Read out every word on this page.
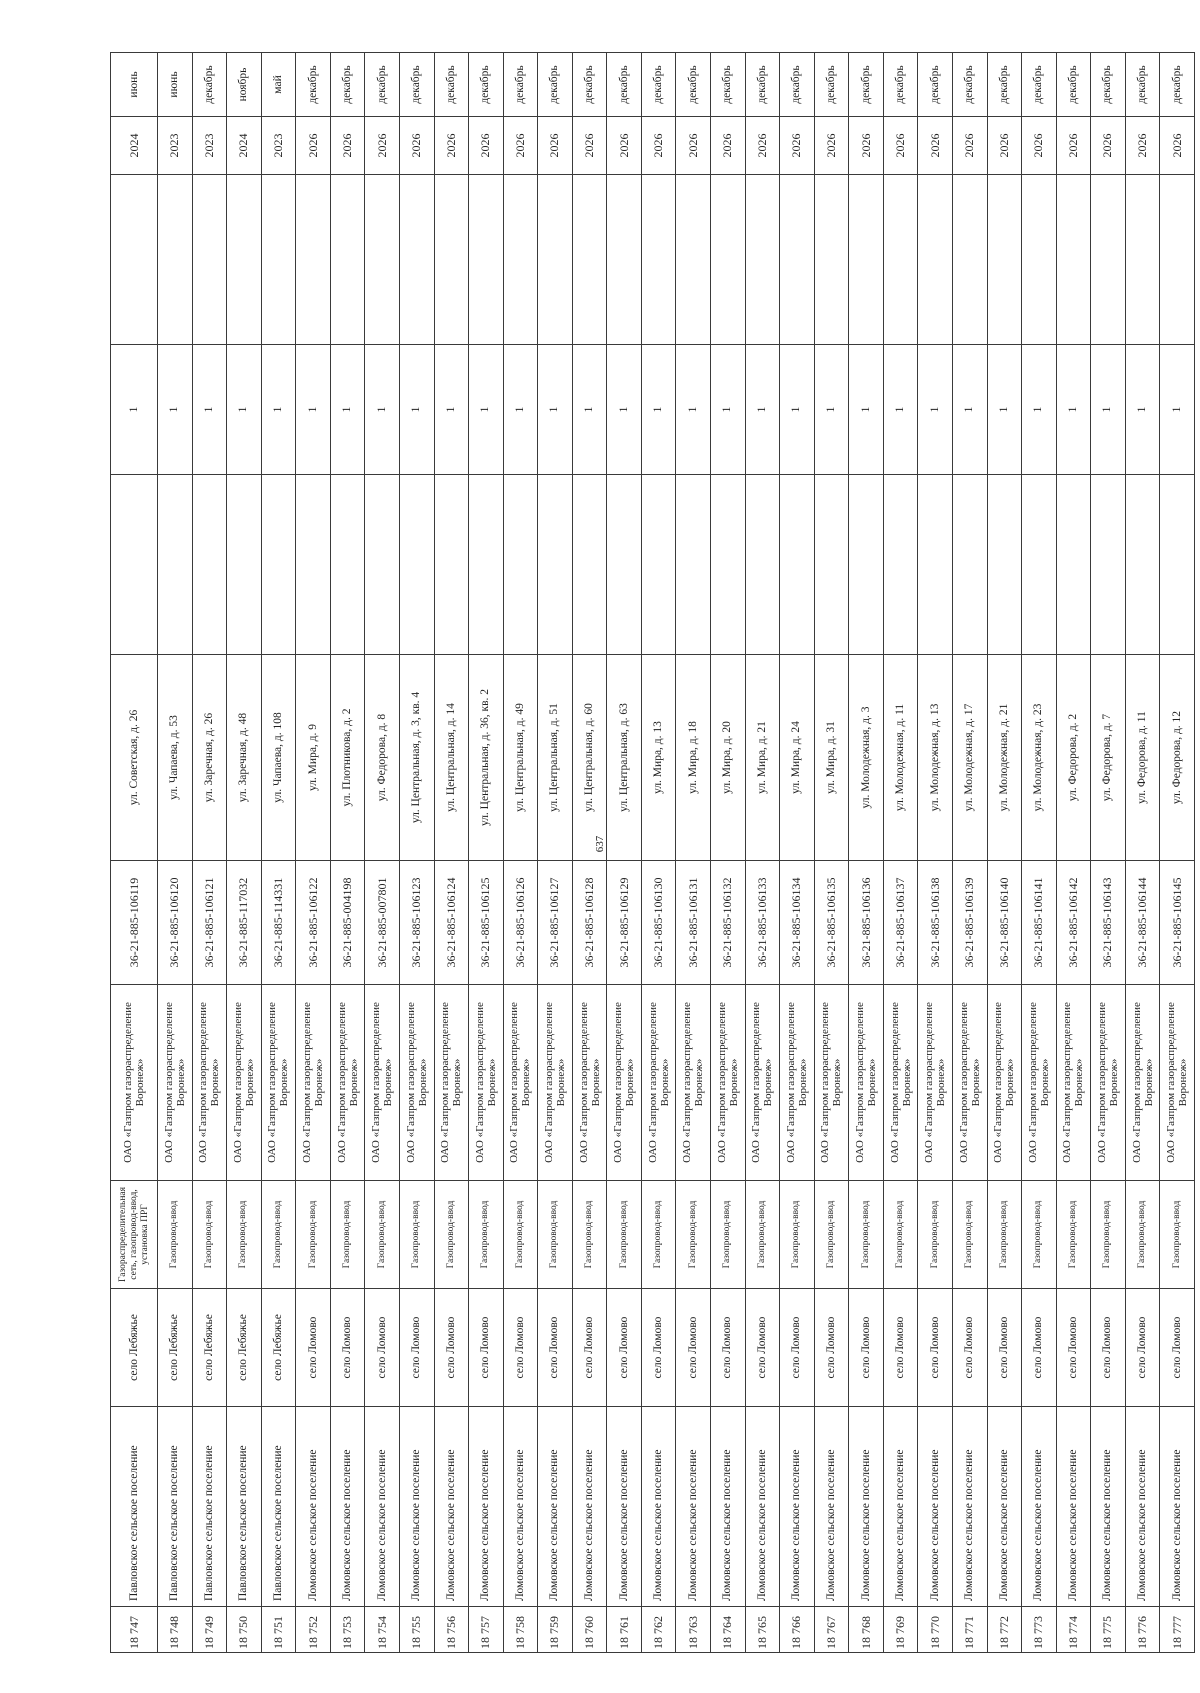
637
18 747	Павловское сельское поселение	село Лебяжье	Газораспределительная сеть, газопровод-ввод, установка ПРГ	ОАО «Газпром газораспределение Воронеж»	36-21-885-106119	ул. Советская, д. 26		1		2024	июнь
18 748	Павловское сельское поселение	село Лебяжье	Газопровод-ввод	ОАО «Газпром газораспределение Воронеж»	36-21-885-106120	ул. Чапаева, д. 53		1		2023	июнь
18 749	Павловское сельское поселение	село Лебяжье	Газопровод-ввод	ОАО «Газпром газораспределение Воронеж»	36-21-885-106121	ул. Заречная, д. 26		1		2023	декабрь
18 750	Павловское сельское поселение	село Лебяжье	Газопровод-ввод	ОАО «Газпром газораспределение Воронеж»	36-21-885-117032	ул. Заречная, д. 48		1		2024	ноябрь
18 751	Павловское сельское поселение	село Лебяжье	Газопровод-ввод	ОАО «Газпром газораспределение Воронеж»	36-21-885-114331	ул. Чапаева, д. 108		1		2023	май
18 752	Ломовское сельское поселение	село Ломово	Газопровод-ввод	ОАО «Газпром газораспределение Воронеж»	36-21-885-106122	ул. Мира, д. 9		1		2026	декабрь
18 753	Ломовское сельское поселение	село Ломово	Газопровод-ввод	ОАО «Газпром газораспределение Воронеж»	36-21-885-004198	ул. Плотникова, д. 2		1		2026	декабрь
18 754	Ломовское сельское поселение	село Ломово	Газопровод-ввод	ОАО «Газпром газораспределение Воронеж»	36-21-885-007801	ул. Федорова, д. 8		1		2026	декабрь
18 755	Ломовское сельское поселение	село Ломово	Газопровод-ввод	ОАО «Газпром газораспределение Воронеж»	36-21-885-106123	ул. Центральная, д. 3, кв. 4		1		2026	декабрь
18 756	Ломовское сельское поселение	село Ломово	Газопровод-ввод	ОАО «Газпром газораспределение Воронеж»	36-21-885-106124	ул. Центральная, д. 14		1		2026	декабрь
18 757	Ломовское сельское поселение	село Ломово	Газопровод-ввод	ОАО «Газпром газораспределение Воронеж»	36-21-885-106125	ул. Центральная, д. 36, кв. 2		1		2026	декабрь
18 758	Ломовское сельское поселение	село Ломово	Газопровод-ввод	ОАО «Газпром газораспределение Воронеж»	36-21-885-106126	ул. Центральная, д. 49		1		2026	декабрь
18 759	Ломовское сельское поселение	село Ломово	Газопровод-ввод	ОАО «Газпром газораспределение Воронеж»	36-21-885-106127	ул. Центральная, д. 51		1		2026	декабрь
18 760	Ломовское сельское поселение	село Ломово	Газопровод-ввод	ОАО «Газпром газораспределение Воронеж»	36-21-885-106128	ул. Центральная, д. 60		1		2026	декабрь
18 761	Ломовское сельское поселение	село Ломово	Газопровод-ввод	ОАО «Газпром газораспределение Воронеж»	36-21-885-106129	ул. Центральная, д. 63		1		2026	декабрь
18 762	Ломовское сельское поселение	село Ломово	Газопровод-ввод	ОАО «Газпром газораспределение Воронеж»	36-21-885-106130	ул. Мира, д. 13		1		2026	декабрь
18 763	Ломовское сельское поселение	село Ломово	Газопровод-ввод	ОАО «Газпром газораспределение Воронеж»	36-21-885-106131	ул. Мира, д. 18		1		2026	декабрь
18 764	Ломовское сельское поселение	село Ломово	Газопровод-ввод	ОАО «Газпром газораспределение Воронеж»	36-21-885-106132	ул. Мира, д. 20		1		2026	декабрь
18 765	Ломовское сельское поселение	село Ломово	Газопровод-ввод	ОАО «Газпром газораспределение Воронеж»	36-21-885-106133	ул. Мира, д. 21		1		2026	декабрь
18 766	Ломовское сельское поселение	село Ломово	Газопровод-ввод	ОАО «Газпром газораспределение Воронеж»	36-21-885-106134	ул. Мира, д. 24		1		2026	декабрь
18 767	Ломовское сельское поселение	село Ломово	Газопровод-ввод	ОАО «Газпром газораспределение Воронеж»	36-21-885-106135	ул. Мира, д. 31		1		2026	декабрь
18 768	Ломовское сельское поселение	село Ломово	Газопровод-ввод	ОАО «Газпром газораспределение Воронеж»	36-21-885-106136	ул. Молодежная, д. 3		1		2026	декабрь
18 769	Ломовское сельское поселение	село Ломово	Газопровод-ввод	ОАО «Газпром газораспределение Воронеж»	36-21-885-106137	ул. Молодежная, д. 11		1		2026	декабрь
18 770	Ломовское сельское поселение	село Ломово	Газопровод-ввод	ОАО «Газпром газораспределение Воронеж»	36-21-885-106138	ул. Молодежная, д. 13		1		2026	декабрь
18 771	Ломовское сельское поселение	село Ломово	Газопровод-ввод	ОАО «Газпром газораспределение Воронеж»	36-21-885-106139	ул. Молодежная, д. 17		1		2026	декабрь
18 772	Ломовское сельское поселение	село Ломово	Газопровод-ввод	ОАО «Газпром газораспределение Воронеж»	36-21-885-106140	ул. Молодежная, д. 21		1		2026	декабрь
18 773	Ломовское сельское поселение	село Ломово	Газопровод-ввод	ОАО «Газпром газораспределение Воронеж»	36-21-885-106141	ул. Молодежная, д. 23		1		2026	декабрь
18 774	Ломовское сельское поселение	село Ломово	Газопровод-ввод	ОАО «Газпром газораспределение Воронеж»	36-21-885-106142	ул. Федорова, д. 2		1		2026	декабрь
18 775	Ломовское сельское поселение	село Ломово	Газопровод-ввод	ОАО «Газпром газораспределение Воронеж»	36-21-885-106143	ул. Федорова, д. 7		1		2026	декабрь
18 776	Ломовское сельское поселение	село Ломово	Газопровод-ввод	ОАО «Газпром газораспределение Воронеж»	36-21-885-106144	ул. Федорова, д. 11		1		2026	декабрь
18 777	Ломовское сельское поселение	село Ломово	Газопровод-ввод	ОАО «Газпром газораспределение Воронеж»	36-21-885-106145	ул. Федорова, д. 12		1		2026	декабрь
